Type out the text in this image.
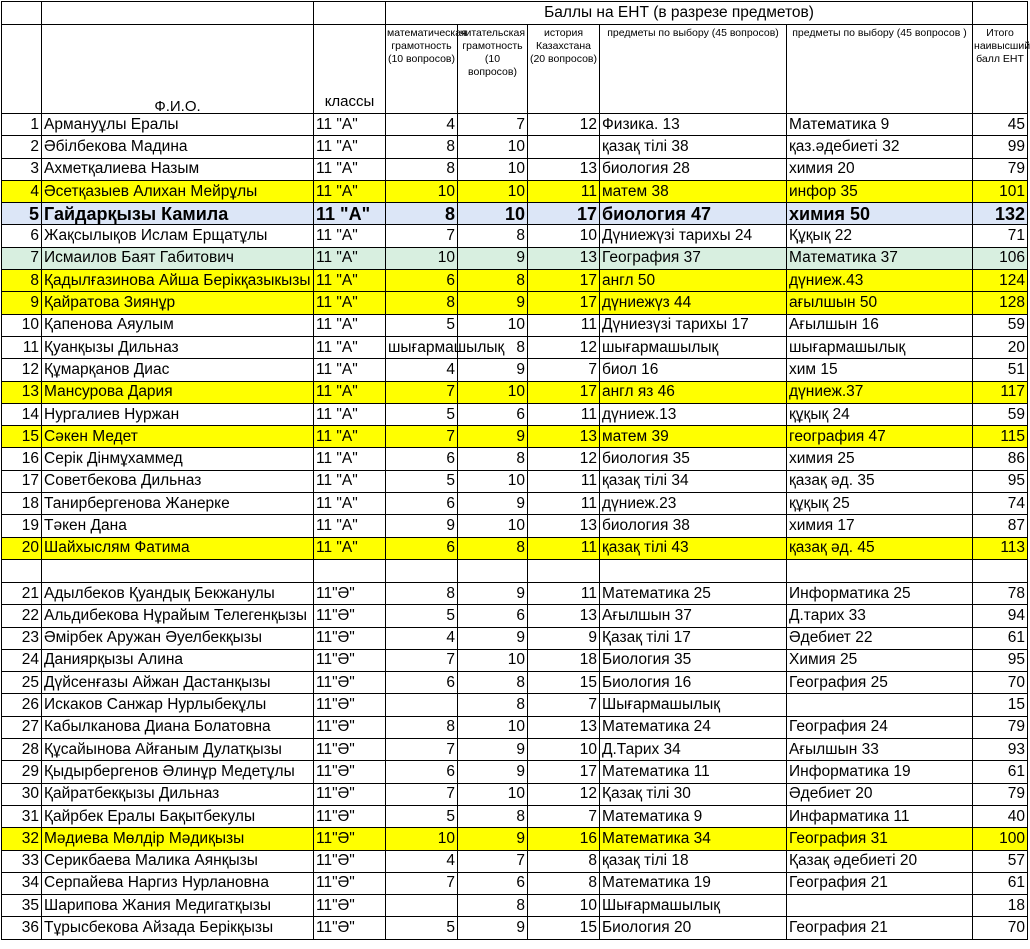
			Баллы на ЕНТ (в разрезе предметов)					
	Ф.И.О.	классы	математическая грамотность (10 вопросов)	читательская грамотность (10 вопросов)	история Казахстана (20 вопросов)	предметы по выбору (45 вопросов)	предметы по выбору (45 вопросов )	Итого наивысший балл ЕНТ
1	Армануұлы Ералы	11 "А"	4	7	12	Физика. 13	Математика 9	45
2	Әбілбекова Мадина	11 "А"	8	10		қазақ тілі 38	қаз.әдебиеті 32	99
3	Ахметқалиева Назым	11 "А"	8	10	13	биология 28	химия 20	79
4	Әсетқазыев Алихан Мейрұлы	11 "А"	10	10	11	матем 38	инфор 35	101
5	Гайдарқызы Камила	11 "А"	8	10	17	биология 47	химия 50	132
6	Жақсылықов Ислам Ерщатұлы	11 "А"	7	8	10	Дүниежүзі тарихы 24	Құқық 22	71
7	Исмаилов Баят Габитович	11 "А"	10	9	13	География 37	Математика 37	106
8	Қадылғазинова Айша Берікқазыкызы	11 "А"	6	8	17	англ 50	дүниеж.43	124
9	Қайратова Зиянұр	11 "А"	8	9	17	дүниежүз 44	ағылшын 50	128
10	Қапенова Аяулым	11 "А"	5	10	11	Дүниезүзі тарихы 17	Ағылшын 16	59
11	Қуанқызы Дильназ	11 "А"	шығармашылық	8	12	шығармашылық	шығармашылық	20
12	Құмарқанов Диас	11 "А"	4	9	7	биол 16	хим 15	51
13	Мансурова Дария	11 "А"	7	10	17	англ яз 46	дүниеж.37	117
14	Нургалиев Нуржан	11 "А"	5	6	11	дүниеж.13	құқық 24	59
15	Сәкен Медет	11 "А"	7	9	13	матем 39	география 47	115
16	Серік Дінмұхаммед	11 "А"	6	8	12	биология 35	химия 25	86
17	Советбекова Дильназ	11 "А"	5	10	11	қазақ тілі 34	қазақ әд. 35	95
18	Танирбергенова Жанерке	11 "А"	6	9	11	дүниеж.23	құқық 25	74
19	Тәкен Дана	11 "А"	9	10	13	биология 38	химия 17	87
20	Шайхыслям Фатима	11 "А"	6	8	11	қазақ тілі 43	қазақ әд. 45	113

21	Адылбеков Қуандық Бекжанулы	11"Ә"	8	9	11	Математика 25	Информатика 25	78
22	Альдибекова Нұрайым Телегенқызы	11"Ә"	5	6	13	Ағылшын 37	Д.тарих 33	94
23	Әмірбек Аружан Әуелбекқызы	11"Ә"	4	9	9	Қазақ тілі 17	Әдебиет 22	61
24	Даниярқызы Алина	11"Ә"	7	10	18	Биология 35	Химия 25	95
25	Дүйсенғазы Айжан Дастанқызы	11"Ә"	6	8	15	Биология 16	География 25	70
26	Искаков Санжар Нурлыбекұлы	11"Ә"		8	7	Шығармашылық		15
27	Кабылканова Диана Болатовна	11"Ә"	8	10	13	Математика 24	География 24	79
28	Құсайынова Айғаным Дулатқызы	11"Ә"	7	9	10	Д.Тарих 34	Ағылшын 33	93
29	Қыдырбергенов Әлинұр Медетұлы	11"Ә"	6	9	17	Математика 11	Информатика 19	61
30	Қайратбекқызы Дильназ	11"Ә"	7	10	12	Қазақ тілі 30	Әдебиет 20	79
31	Қайрбек Ералы Бақытбекулы	11"Ә"	5	8	7	Математика 9	Инфарматика 11	40
32	Мәдиева Мөлдір Мәдиқызы	11"Ә"	10	9	16	Математика 34	География 31	100
33	Серикбаева Малика Аянқызы	11"Ә"	4	7	8	қазақ тілі 18	Қазақ әдебиеті 20	57
34	Серпайева Наргиз Нурлановна	11"Ә"	7	6	8	Математика 19	География 21	61
35	Шарипова Жания Медигатқызы	11"Ә"		8	10	Шығармашылық		18
36	Тұрысбекова Айзада Берікқызы	11"Ә"	5	9	15	Биология 20	География 21	70
